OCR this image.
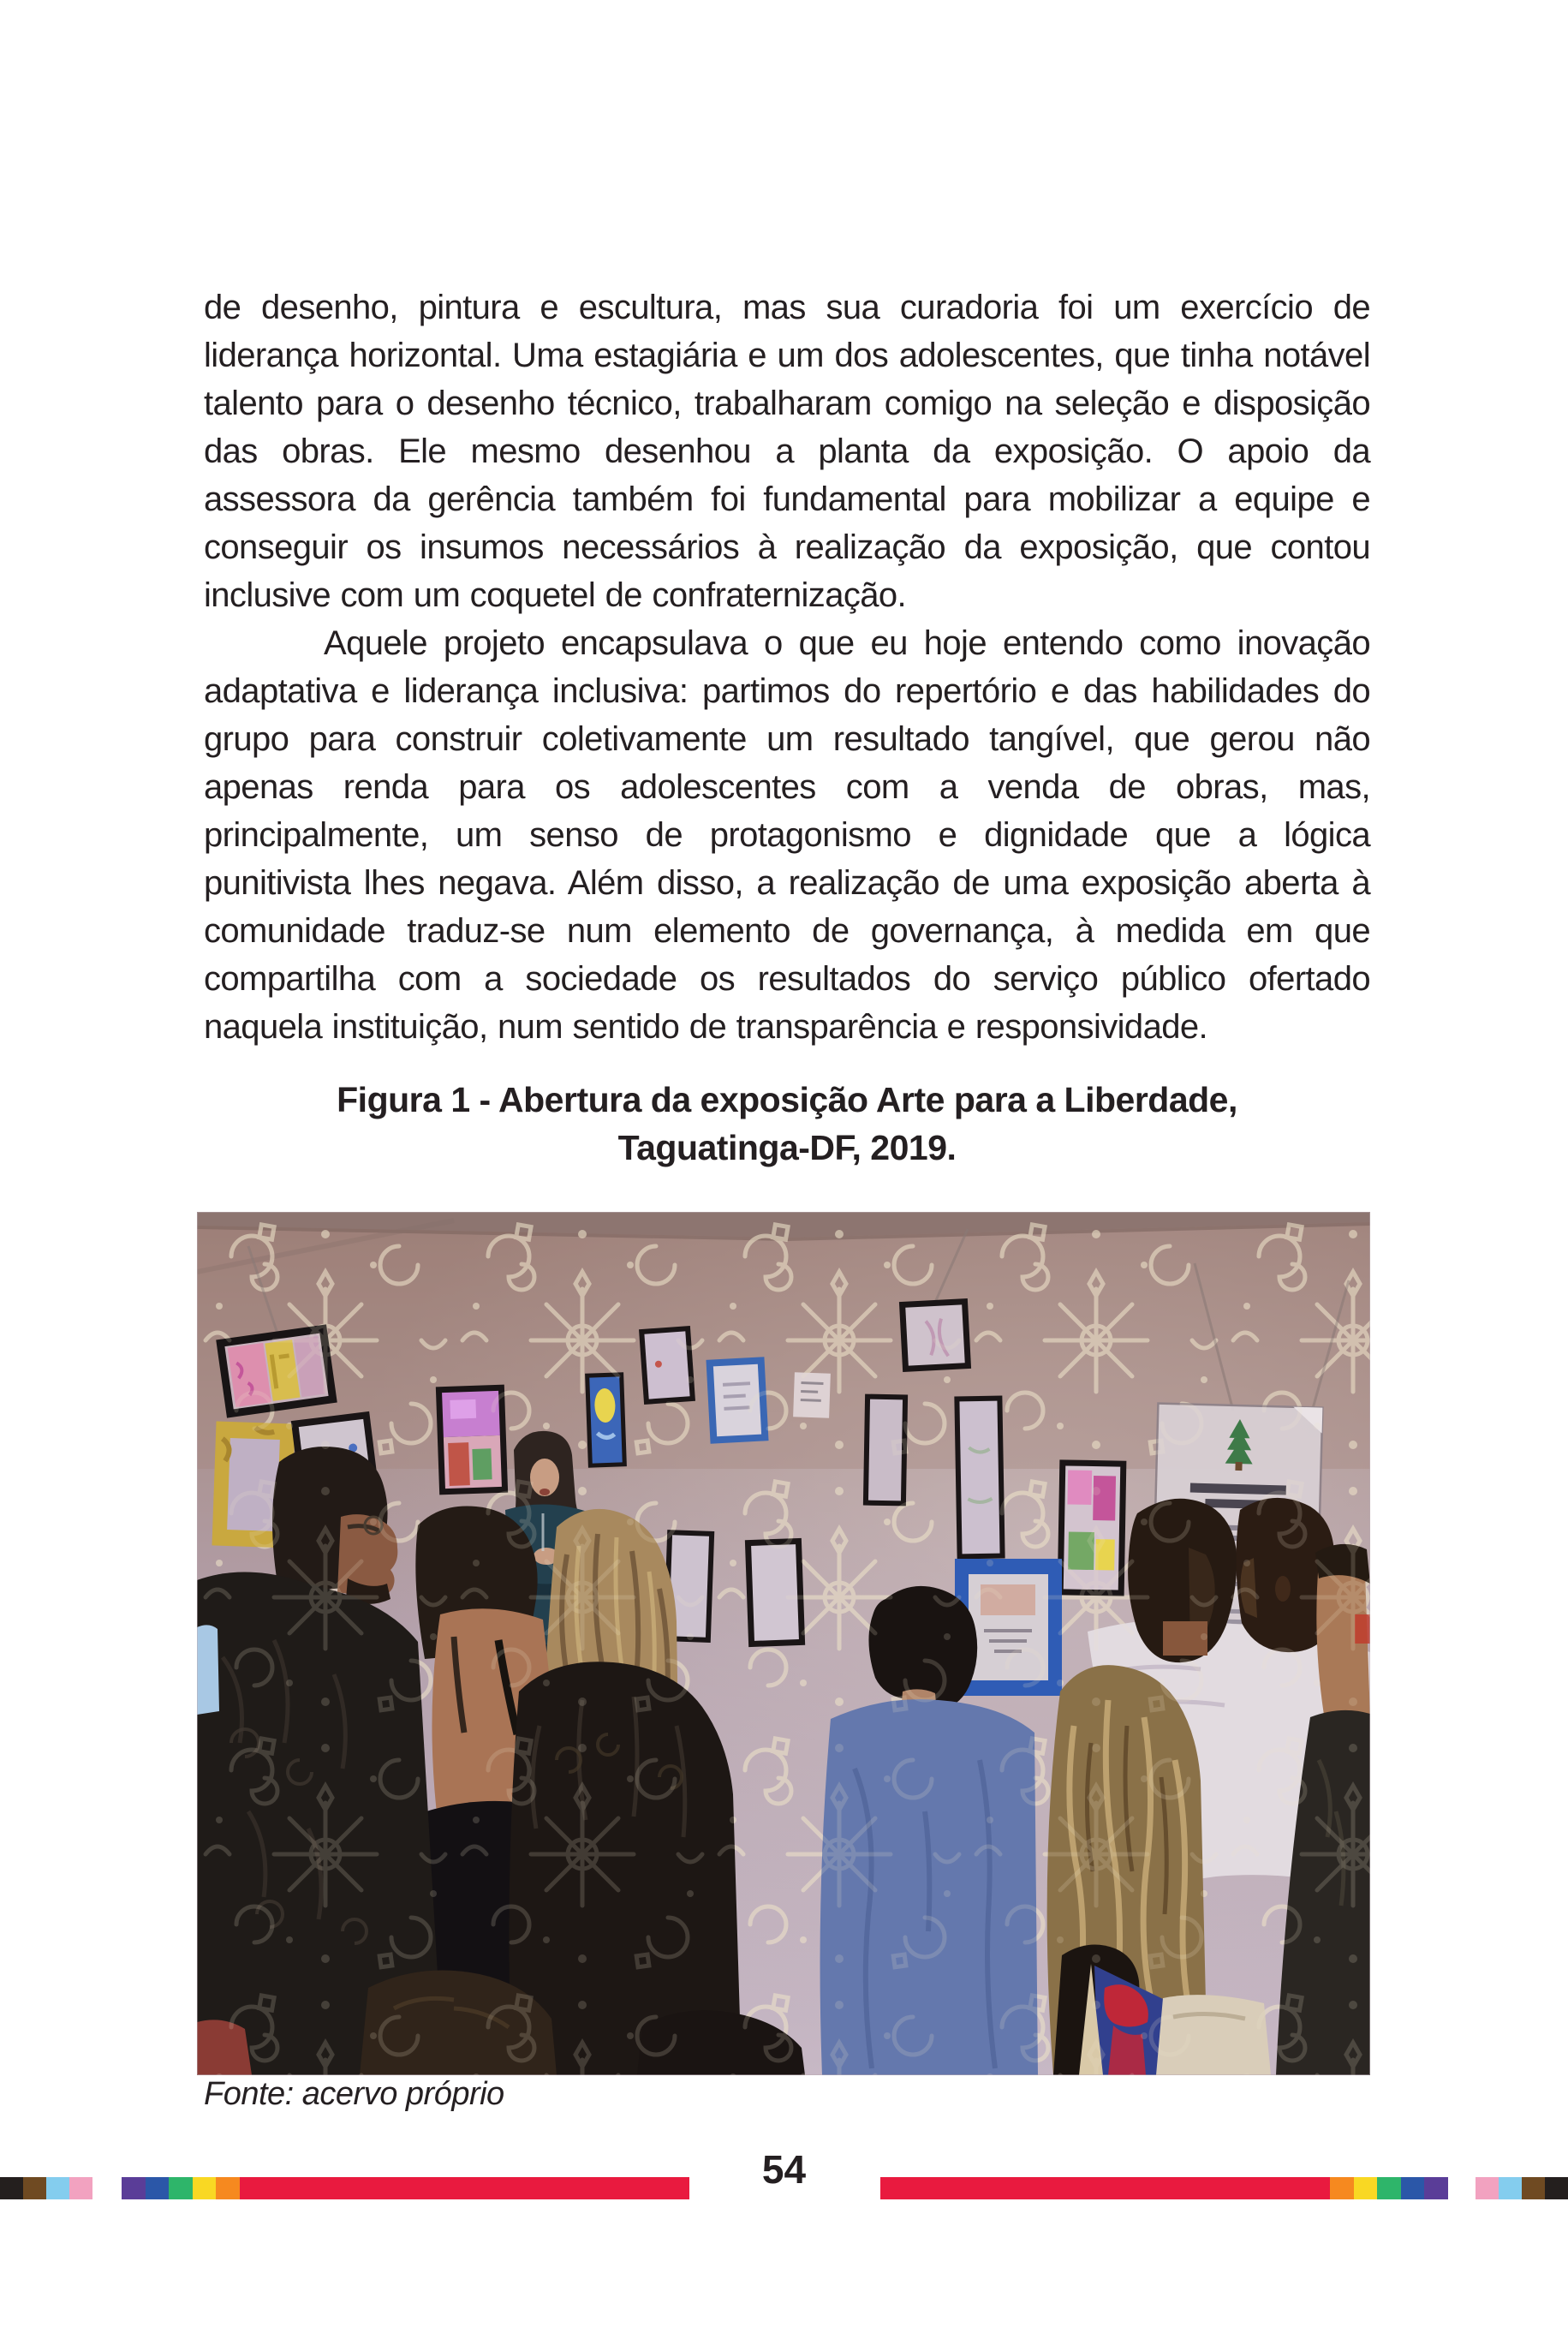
de desenho, pintura e escultura, mas sua curadoria foi um exercício de liderança horizontal. Uma estagiária e um dos adolescentes, que tinha notável talento para o desenho técnico, trabalharam comigo na seleção e disposição das obras. Ele mesmo desenhou a planta da exposição. O apoio da assessora da gerência também foi fundamental para mobilizar a equipe e conseguir os insumos necessários à realização da exposição, que contou inclusive com um coquetel de confraternização.

Aquele projeto encapsulava o que eu hoje entendo como inovação adaptativa e liderança inclusiva: partimos do repertório e das habilidades do grupo para construir coletivamente um resultado tangível, que gerou não apenas renda para os adolescentes com a venda de obras, mas, principalmente, um senso de protagonismo e dignidade que a lógica punitivista lhes negava. Além disso, a realização de uma exposição aberta à comunidade traduz-se num elemento de governança, à medida em que compartilha com a sociedade os resultados do serviço público ofertado naquela instituição, num sentido de transparência e responsividade.

Figura 1 - Abertura da exposição Arte para a Liberdade,
Taguatinga-DF, 2019.
Fonte: acervo próprio
54
